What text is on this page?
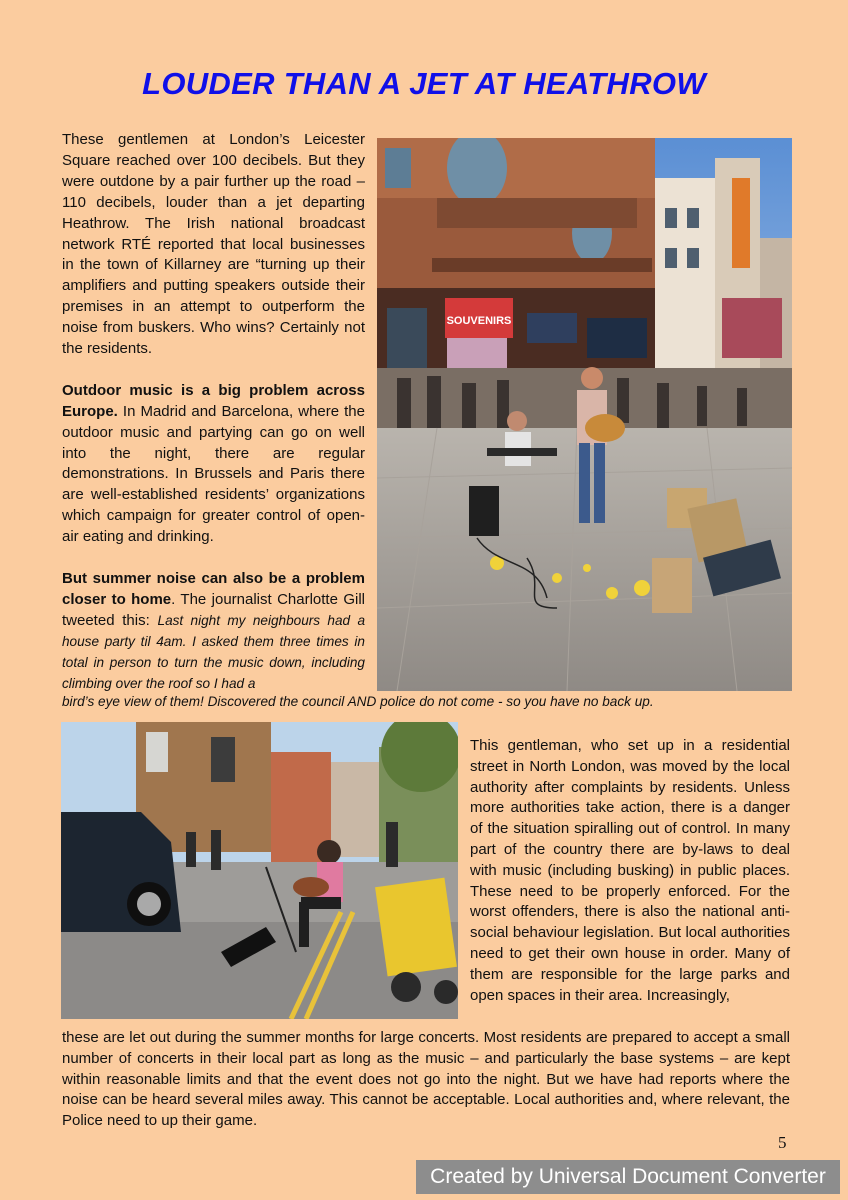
LOUDER THAN A JET AT HEATHROW

These gentlemen at London’s Leicester Square reached over 100 decibels. But they were outdone by a pair further up the road – 110 decibels, louder than a jet departing Heathrow. The Irish national broadcast network RTÉ reported that local businesses in the town of Killarney are “turning up their amplifiers and putting speakers outside their premises in an attempt to outperform the noise from buskers. Who wins? Certainly not the residents.

Outdoor music is a big problem across Europe. In Madrid and Barcelona, where the outdoor music and partying can go on well into the night, there are regular demonstrations. In Brussels and Paris there are well-established residents’ organizations which campaign for greater control of open-air eating and drinking.

But summer noise can also be a problem closer to home. The journalist Charlotte Gill tweeted this: Last night my neighbours had a house party til 4am. I asked them three times in total in person to turn the music down, including climbing over the roof so I had a

bird’s eye view of them! Discovered the council AND police do not come - so you have no back up.
SOUVENIRS
This gentleman, who set up in a residential street in North London, was moved by the local authority after complaints by residents. Unless more authorities take action, there is a danger of the situation spiralling out of control. In many part of the country there are by-laws to deal with music (including busking) in public places. These need to be properly enforced. For the worst offenders, there is also the national anti-social behaviour legislation. But local authorities need to get their own house in order. Many of them are responsible for the large parks and open spaces in their area. Increasingly,
these are let out during the summer months for large concerts. Most residents are prepared to accept a small number of concerts in their local part as long as the music – and particularly the base systems – are kept within reasonable limits and that the event does not go into the night. But we have had reports where the noise can be heard several miles away. This cannot be acceptable. Local authorities and, where relevant, the Police need to up their game.
5
Created by Universal Document Converter
